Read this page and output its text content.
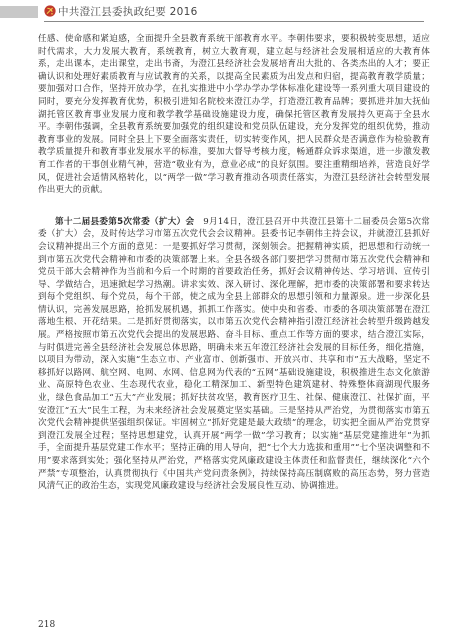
中共澄江县委执政纪要 2016

任感、使命感和紧迫感，全面提升全县教育系统干部教育水平。李朝伟要求，要积极转变思想，适应时代需求，大力发展大教育，系统教育，树立大教育观，建立起与经济社会发展相适应的大教育体系，走出课本，走出课堂，走出书斋，为澄江县经济社会发展培育出大批的、各类杰出的人才；要正确认识和处理好素质教育与应试教育的关系，以提高全民素质为出发点和归宿，提高教育教学质量；要加强对口合作，坚持开放办学，在扎实推进中小学办学办学体标准化建设等一系列重大项目建设的同时，要充分发挥教育优势，积极引进知名院校来澄江办学，打造澄江教育品牌；要抓进并加大抚仙湖托管区教育事业发展力度和教学教学基础设施建设力度，确保托管区教育发展持久更高于全县水平。李朝伟强调，全县教育系统要加强党的组织建设和党员队伍建设，充分发挥党的组织优势，推动教育事业的发展。同时全县上下要全面落实责任，切实转变作风，把人民群众是否满意作为检验教育教学质量提升和教育事业发展水平的标准，要加大督导考核力度，畅通群众诉求渠道，进一步激发教育工作者的干事创业精气神，营造“敬业有为，意业必成”的良好氛围。要注重精细培养，营造良好学风，促进社会适情风格转化，以“两学一做”学习教育推动各项责任落实，为澄江县经济社会转型发展作出更大的贡献。

第十二届县委第5次常委（扩大）会　 9月14日，澄江县召开中共澄江县第十二届委员会第5次常委（扩大）会，及时传达学习市第五次党代会会议精神。县委书记李朝伟主持会议，并就澄江县抓好会议精神提出三个方面的意见：一是要抓好学习贯彻，深刻领会。把握精神实质，把思想和行动统一到市第五次党代会精神和市委的决策部署上来。全县各级各部门要把学习贯彻市第五次党代会精神和党员干部大会精神作为当前和今后一个时期的首要政治任务，抓好会议精神传达、学习培训、宣传引导、学做结合，迅速掀起学习热潮。讲求实效、深入研讨、深化理解，把市委的决策部署和要求转达到每个党组织、每个党员，每个干部，使之成为全县上部群众的思想引领和力量源泉。进一步深化县情认识，完善发展思路，抢抓发展机遇，抓抓工作落实。使中央和省委、市委的各项决策部署在澄江落地生根、开花结果。二是抓好贯彻落实，以市第五次党代会精神指引澄江经济社会转型升级跨越发展。严格按照市第五次党代会提出的发展思路、奋斗目标、重点工作等方面的要求，结合澄江实际，与时俱进完善全县经济社会发展总体思路，明确未来五年澄江经济社会发展的目标任务，细化措施，以项目为带动，深入实施“生态立市、产业富市、创新强市、开放兴市、共享和市”五大战略，坚定不移抓好以路网、航空网、电网、水网、信息网为代表的“五网”基础设施建设，积极推进生态文化旅游业、高原特色农业、生态现代农业，稳化工精深加工、新型特色建筑建材、特殊整体商湖现代服务业，绿色食品加工“五大”产业发展；抓好扶贫攻坚，教育医疗卫生、社保、健康澄江、社保扩面，平安澄江“五大”民生工程，为未来经济社会发展奠定坚实基础。三是坚持从严治党，为贯彻落实市第五次党代会精神提供坚强组织保证。牢固树立“抓好党建是最大政绩”的理念，切实把全面从严治党贯穿到澄江发展全过程；坚持思想建党，认真开展“两学一做”学习教育；以实施“基层党建推进年”为抓手，全面提升基层党建工作水平；坚持正确的用人导向，把“七个大力选拔和重用”“七个坚决调整和不用”要求落到实处；强化坚持从严治党，严格落实党风廉政建设主体责任和监督责任，继续深化“六个严禁”专项整治，认真贯彻执行《中国共产党问责条例》，持续保持高压制腐败的高压态势，努力营造风清气正的政治生态，实现党风廉政建设与经济社会发展良性互动、协调推进。

218
